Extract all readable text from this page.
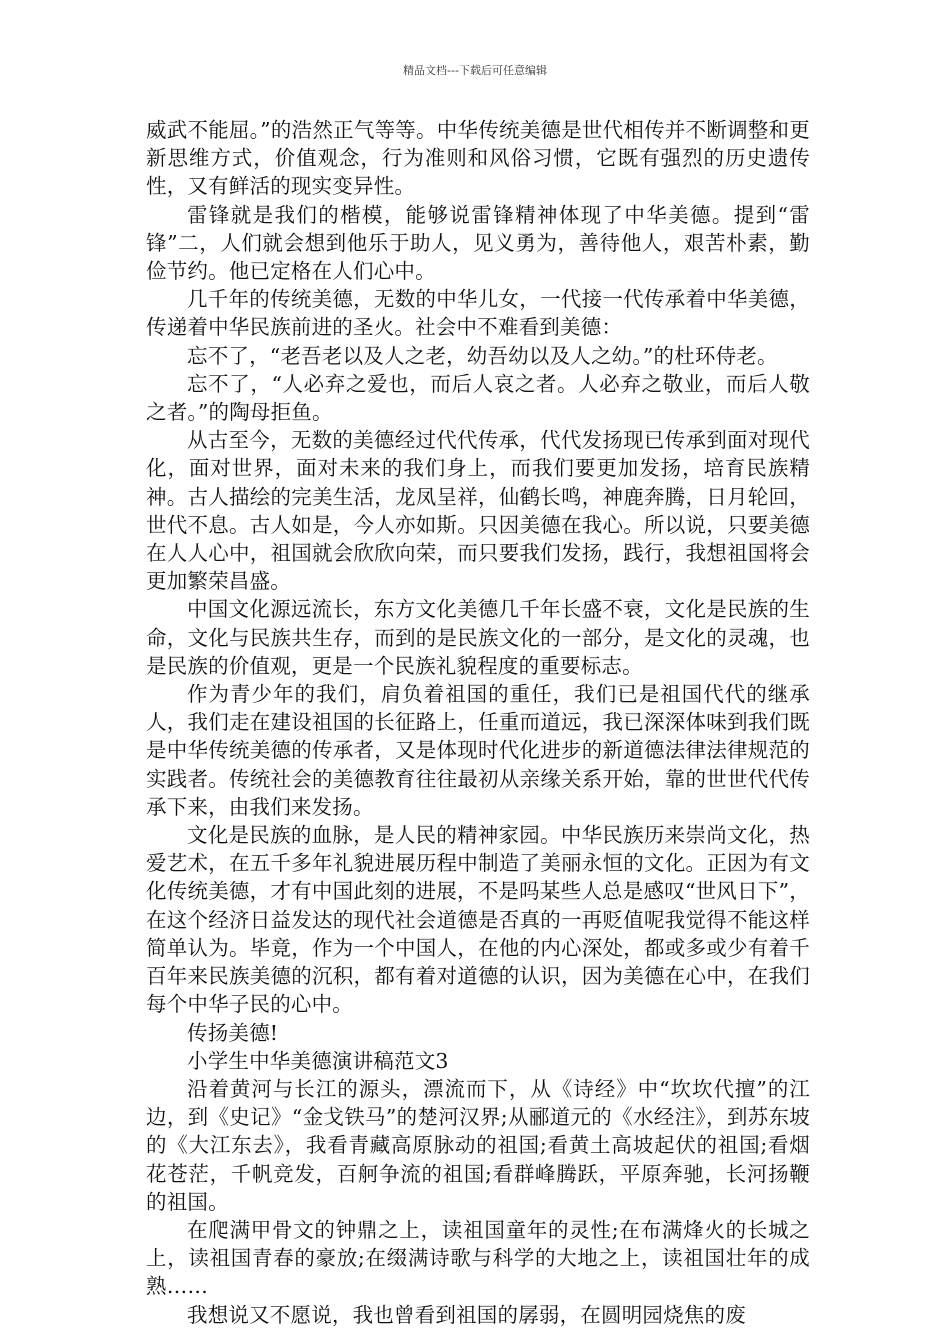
精品文档---下载后可任意编辑

威武不能屈。”的浩然正气等等。中华传统美德是世代相传并不断调整和更新思维方式，价值观念，行为准则和风俗习惯，它既有强烈的历史遗传性，又有鲜活的现实变异性。

雷锋就是我们的楷模，能够说雷锋精神体现了中华美德。提到“雷锋”二，人们就会想到他乐于助人，见义勇为，善待他人，艰苦朴素，勤俭节约。他已定格在人们心中。

几千年的传统美德，无数的中华儿女，一代接一代传承着中华美德，传递着中华民族前进的圣火。社会中不难看到美德：

忘不了，“老吾老以及人之老，幼吾幼以及人之幼。”的杜环侍老。

忘不了，“人必弃之爱也，而后人哀之者。人必弃之敬业，而后人敬之者。”的陶母拒鱼。

从古至今，无数的美德经过代代传承，代代发扬现已传承到面对现代化，面对世界，面对未来的我们身上，而我们要更加发扬，培育民族精神。古人描绘的完美生活，龙凤呈祥，仙鹤长鸣，神鹿奔腾，日月轮回，世代不息。古人如是，今人亦如斯。只因美德在我心。所以说，只要美德在人人心中，祖国就会欣欣向荣，而只要我们发扬，践行，我想祖国将会更加繁荣昌盛。

中国文化源远流长，东方文化美德几千年长盛不衰，文化是民族的生命，文化与民族共生存，而到的是民族文化的一部分，是文化的灵魂，也是民族的价值观，更是一个民族礼貌程度的重要标志。

作为青少年的我们，肩负着祖国的重任，我们已是祖国代代的继承人，我们走在建设祖国的长征路上，任重而道远，我已深深体味到我们既是中华传统美德的传承者，又是体现时代化进步的新道德法律法律规范的实践者。传统社会的美德教育往往最初从亲缘关系开始，靠的世世代代传承下来，由我们来发扬。

文化是民族的血脉，是人民的精神家园。中华民族历来崇尚文化，热爱艺术，在五千多年礼貌进展历程中制造了美丽永恒的文化。正因为有文化传统美德，才有中国此刻的进展，不是吗某些人总是感叹“世风日下”，在这个经济日益发达的现代社会道德是否真的一再贬值呢我觉得不能这样简单认为。毕竟，作为一个中国人，在他的内心深处，都或多或少有着千百年来民族美德的沉积，都有着对道德的认识，因为美德在心中，在我们每个中华子民的心中。

传扬美德!

小学生中华美德演讲稿范文3

沿着黄河与长江的源头，漂流而下，从《诗经》中“坎坎代擅”的江边，到《史记》“金戈铁马”的楚河汉界;从郦道元的《水经注》，到苏东坡的《大江东去》，我看青藏高原脉动的祖国;看黄土高坡起伏的祖国;看烟花苍茫，千帆竞发，百舸争流的祖国;看群峰腾跃，平原奔驰，长河扬鞭的祖国。

在爬满甲骨文的钟鼎之上，读祖国童年的灵性;在布满烽火的长城之上，读祖国青春的豪放;在缀满诗歌与科学的大地之上，读祖国壮年的成熟……

我想说又不愿说，我也曾看到祖国的孱弱，在圆明园烧焦的废
